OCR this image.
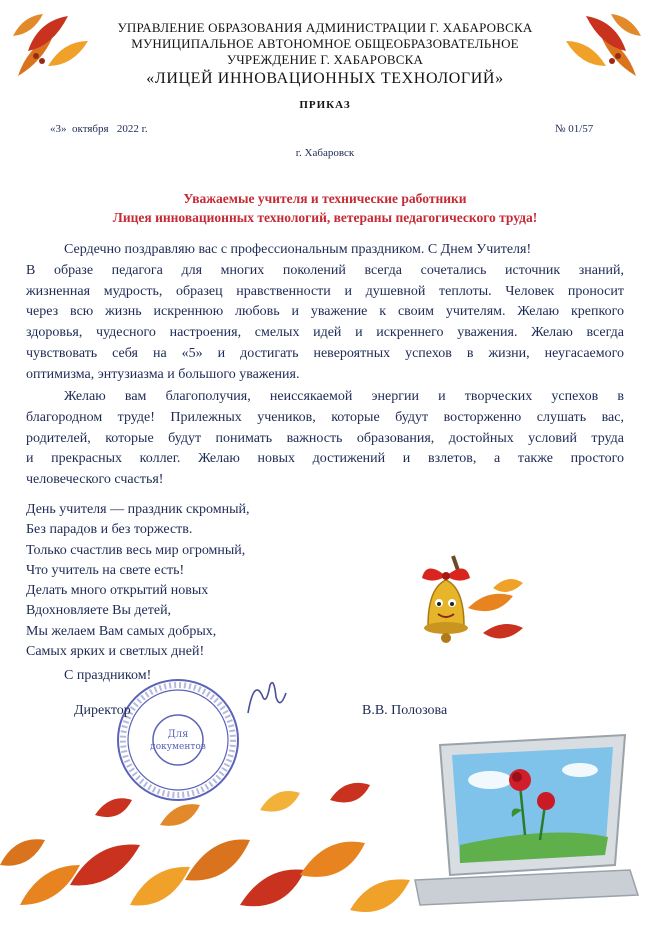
УПРАВЛЕНИЕ ОБРАЗОВАНИЯ АДМИНИСТРАЦИИ Г. ХАБАРОВСКА
МУНИЦИПАЛЬНОЕ АВТОНОМНОЕ ОБЩЕОБРАЗОВАТЕЛЬНОЕ
УЧРЕЖДЕНИЕ Г. ХАБАРОВСКА
«ЛИЦЕЙ ИННОВАЦИОННЫХ ТЕХНОЛОГИЙ»
ПРИКАЗ
«3»  октября   2022 г.	№ 01/57
г. Хабаровск
Уважаемые учителя и технические работники
Лицея инновационных технологий, ветераны педагогического труда!
Сердечно поздравляю вас с профессиональным праздником. С Днем Учителя!
В образе педагога для многих поколений всегда сочетались источник знаний,
жизненная мудрость, образец нравственности и душевной теплоты. Человек проносит
через всю жизнь искреннюю любовь и уважение к своим учителям. Желаю крепкого
здоровья, чудесного настроения, смелых идей и искреннего уважения. Желаю всегда
чувствовать себя на «5» и достигать невероятных успехов в жизни, неугасаемого
оптимизма, энтузиазма и большого уважения.
Желаю вам благополучия, неиссякаемой энергии и творческих успехов в
благородном труде! Прилежных учеников, которые будут восторженно слушать вас,
родителей, которые будут понимать важность образования, достойных условий труда
и прекрасных коллег. Желаю новых достижений и взлетов, а также простого
человеческого счастья!
День учителя — праздник скромный,
Без парадов и без торжеств.
Только счастлив весь мир огромный,
Что учитель на свете есть!
Делать много открытий новых
Вдохновляете Вы детей,
Мы желаем Вам самых добрых,
Самых ярких и светлых дней!
С праздником!
Для
документов
Директор	В.В. Полозова
